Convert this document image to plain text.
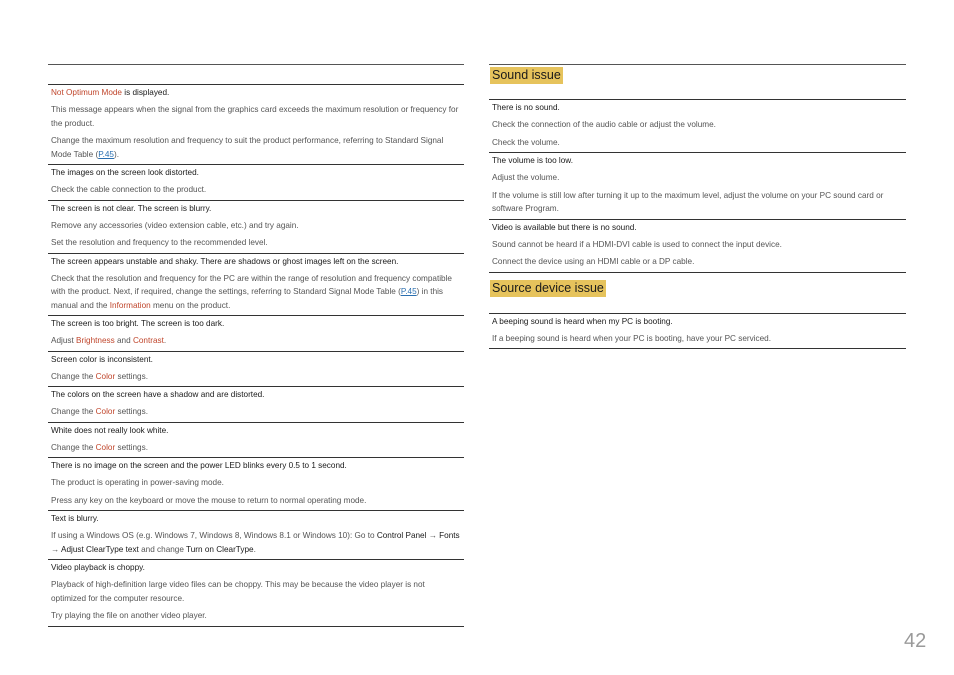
Not Optimum Mode is displayed.
This message appears when the signal from the graphics card exceeds the maximum resolution or frequency for the product.
Change the maximum resolution and frequency to suit the product performance, referring to Standard Signal Mode Table (P.45).
The images on the screen look distorted.
Check the cable connection to the product.
The screen is not clear. The screen is blurry.
Remove any accessories (video extension cable, etc.) and try again.
Set the resolution and frequency to the recommended level.
The screen appears unstable and shaky. There are shadows or ghost images left on the screen.
Check that the resolution and frequency for the PC are within the range of resolution and frequency compatible with the product. Next, if required, change the settings, referring to Standard Signal Mode Table (P.45) in this manual and the Information menu on the product.
The screen is too bright. The screen is too dark.
Adjust Brightness and Contrast.
Screen color is inconsistent.
Change the Color settings.
The colors on the screen have a shadow and are distorted.
Change the Color settings.
White does not really look white.
Change the Color settings.
There is no image on the screen and the power LED blinks every 0.5 to 1 second.
The product is operating in power-saving mode.
Press any key on the keyboard or move the mouse to return to normal operating mode.
Text is blurry.
If using a Windows OS (e.g. Windows 7, Windows 8, Windows 8.1 or Windows 10): Go to Control Panel → Fonts → Adjust ClearType text and change Turn on ClearType.
Video playback is choppy.
Playback of high-definition large video files can be choppy. This may be because the video player is not optimized for the computer resource.
Try playing the file on another video player.
Sound issue
There is no sound.
Check the connection of the audio cable or adjust the volume.
Check the volume.
The volume is too low.
Adjust the volume.
If the volume is still low after turning it up to the maximum level, adjust the volume on your PC sound card or software Program.
Video is available but there is no sound.
Sound cannot be heard if a HDMI-DVI cable is used to connect the input device.
Connect the device using an HDMI cable or a DP cable.
Source device issue
A beeping sound is heard when my PC is booting.
If a beeping sound is heard when your PC is booting, have your PC serviced.
42
